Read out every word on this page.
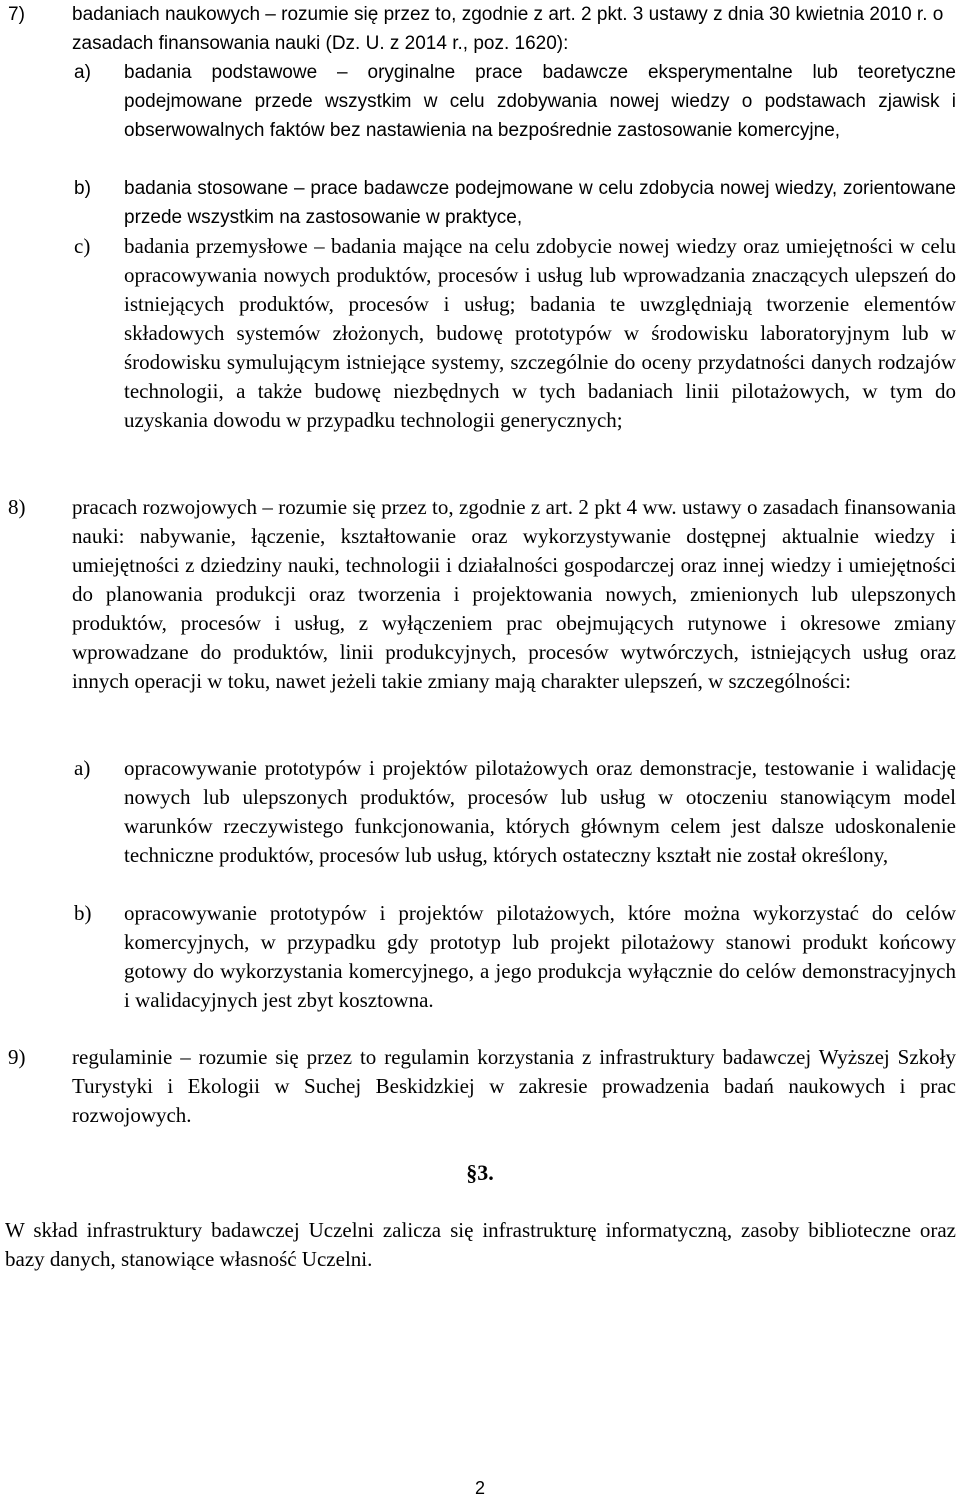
7) badaniach naukowych – rozumie się przez to, zgodnie z art. 2 pkt. 3 ustawy z dnia 30 kwietnia 2010 r. o zasadach finansowania nauki (Dz. U. z 2014 r., poz. 1620):
a) badania podstawowe – oryginalne prace badawcze eksperymentalne lub teoretyczne podejmowane przede wszystkim w celu zdobywania nowej wiedzy o podstawach zjawisk i obserwowalnych faktów bez nastawienia na bezpośrednie zastosowanie komercyjne,
b) badania stosowane – prace badawcze podejmowane w celu zdobycia nowej wiedzy, zorientowane przede wszystkim na zastosowanie w praktyce,
c) badania przemysłowe – badania mające na celu zdobycie nowej wiedzy oraz umiejętności w celu opracowywania nowych produktów, procesów i usług lub wprowadzania znaczących ulepszeń do istniejących produktów, procesów i usług; badania te uwzględniają tworzenie elementów składowych systemów złożonych, budowę prototypów w środowisku laboratoryjnym lub w środowisku symulującym istniejące systemy, szczególnie do oceny przydatności danych rodzajów technologii, a także budowę niezbędnych w tych badaniach linii pilotażowych, w tym do uzyskania dowodu w przypadku technologii generycznych;
8) pracach rozwojowych – rozumie się przez to, zgodnie z art. 2 pkt 4 ww. ustawy o zasadach finansowania nauki: nabywanie, łączenie, kształtowanie oraz wykorzystywanie dostępnej aktualnie wiedzy i umiejętności z dziedziny nauki, technologii i działalności gospodarczej oraz innej wiedzy i umiejętności do planowania produkcji oraz tworzenia i projektowania nowych, zmienionych lub ulepszonych produktów, procesów i usług, z wyłączeniem prac obejmujących rutynowe i okresowe zmiany wprowadzane do produktów, linii produkcyjnych, procesów wytwórczych, istniejących usług oraz innych operacji w toku, nawet jeżeli takie zmiany mają charakter ulepszeń, w szczególności:
a) opracowywanie prototypów i projektów pilotażowych oraz demonstracje, testowanie i walidację nowych lub ulepszonych produktów, procesów lub usług w otoczeniu stanowiącym model warunków rzeczywistego funkcjonowania, których głównym celem jest dalsze udoskonalenie techniczne produktów, procesów lub usług, których ostateczny kształt nie został określony,
b) opracowywanie prototypów i projektów pilotażowych, które można wykorzystać do celów komercyjnych, w przypadku gdy prototyp lub projekt pilotażowy stanowi produkt końcowy gotowy do wykorzystania komercyjnego, a jego produkcja wyłącznie do celów demonstracyjnych i walidacyjnych jest zbyt kosztowna.
9) regulaminie – rozumie się przez to regulamin korzystania z infrastruktury badawczej Wyższej Szkoły Turystyki i Ekologii w Suchej Beskidzkiej w zakresie prowadzenia badań naukowych i prac rozwojowych.
§3.
W skład infrastruktury badawczej Uczelni zalicza się infrastrukturę informatyczną, zasoby biblioteczne oraz bazy danych, stanowiące własność Uczelni.
2
